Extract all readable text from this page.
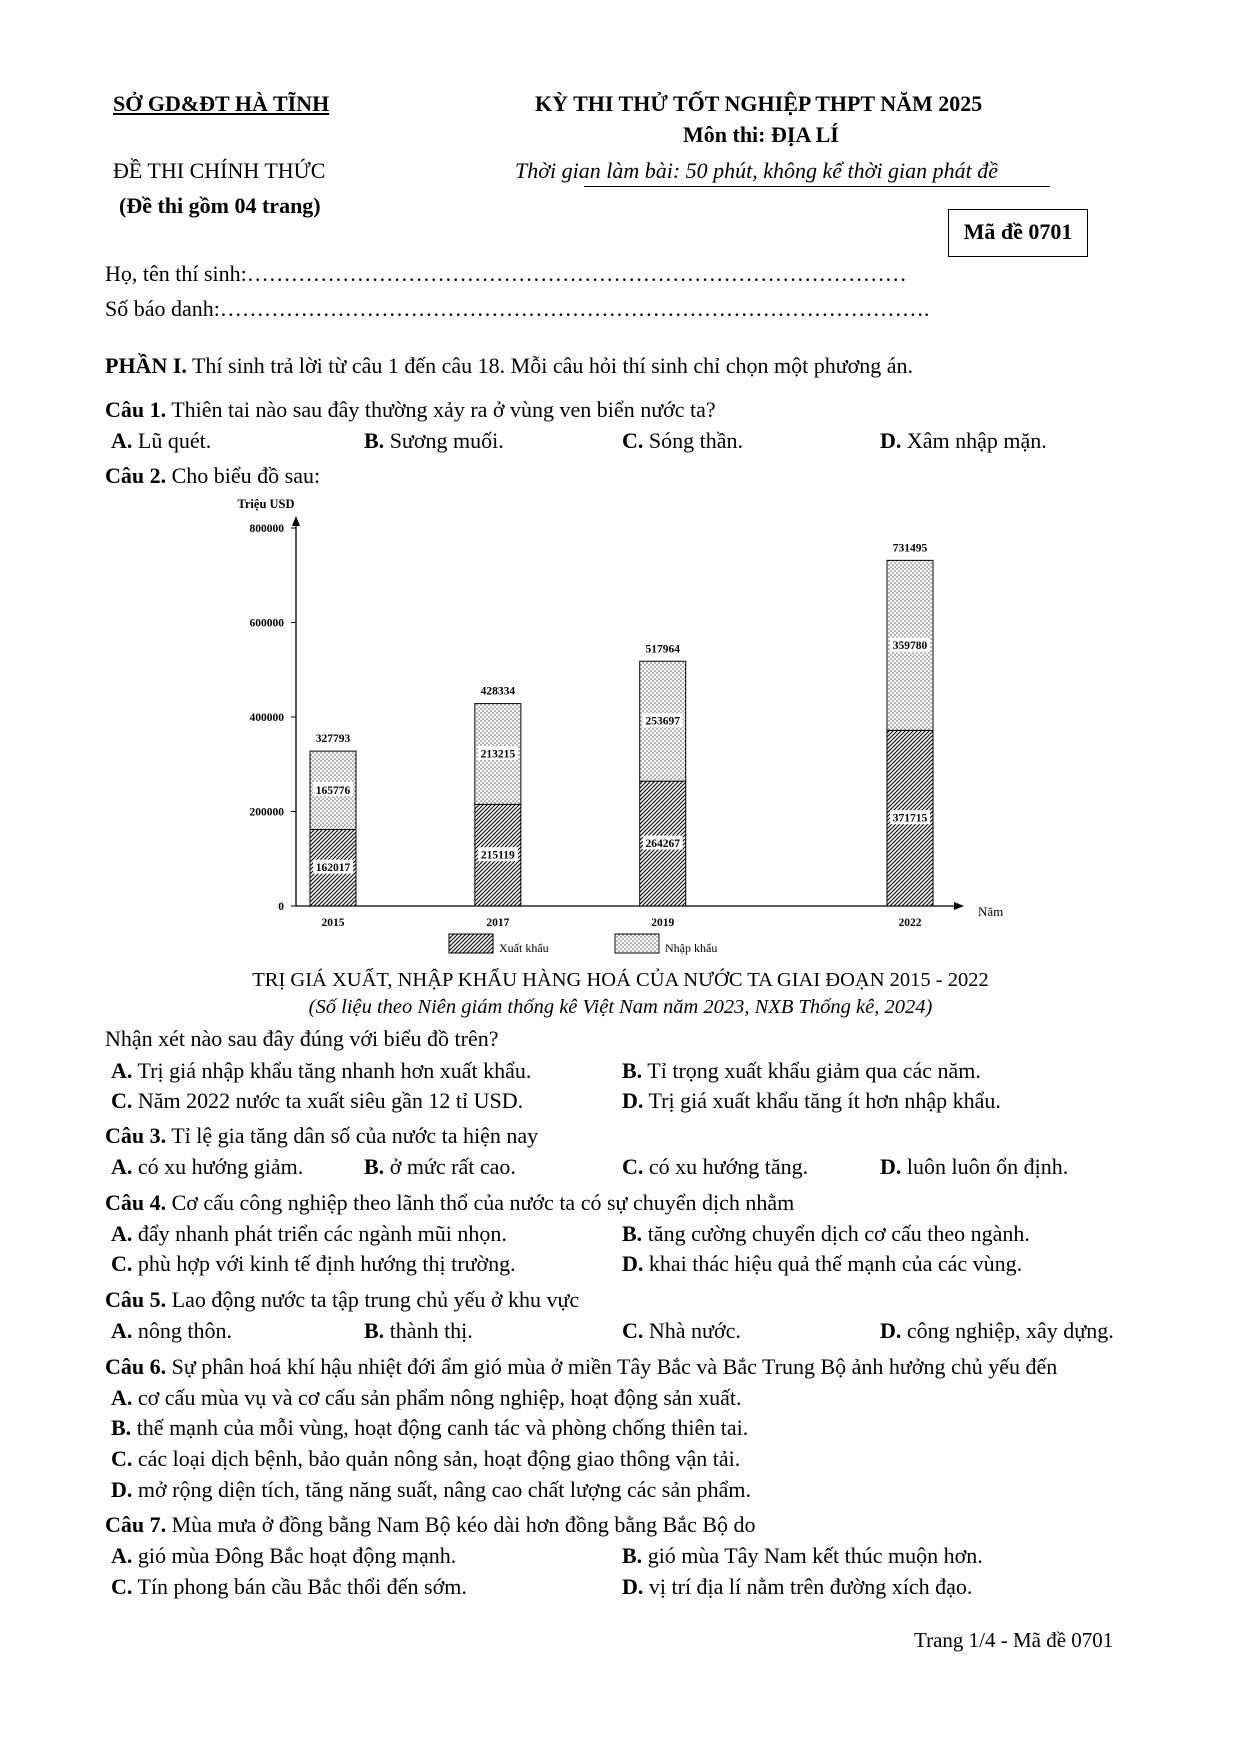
SỞ GD&ĐT HÀ TĨNH	KỲ THI THỬ TỐT NGHIỆP THPT NĂM 2025
Môn thi: ĐỊA LÍ
ĐỀ THI CHÍNH THỨC	Thời gian làm bài: 50 phút, không kể thời gian phát đề
(Đề thi gồm 04 trang)
Mã đề 0701
Họ, tên thí sinh:………………………………………………………………………………
Số báo danh:…………………………………………………………………………………….
PHẦN I. Thí sinh trả lời từ câu 1 đến câu 18. Mỗi câu hỏi thí sinh chỉ chọn một phương án.
Câu 1. Thiên tai nào sau đây thường xảy ra ở vùng ven biển nước ta?
A. Lũ quét.	B. Sương muối.	C. Sóng thần.	D. Xâm nhập mặn.
Câu 2. Cho biểu đồ sau:
0
200000
400000
600000
800000
Triệu USD
Năm
162017
165776
327793
2015
215119
213215
428334
2017
264267
253697
517964
2019
371715
359780
731495
2022
Xuất khẩu	Nhập khẩu
TRỊ GIÁ XUẤT, NHẬP KHẨU HÀNG HOÁ CỦA NƯỚC TA GIAI ĐOẠN 2015 - 2022
(Số liệu theo Niên giám thống kê Việt Nam năm 2023, NXB Thống kê, 2024)
Nhận xét nào sau đây đúng với biểu đồ trên?
A. Trị giá nhập khẩu tăng nhanh hơn xuất khẩu.	B. Tỉ trọng xuất khẩu giảm qua các năm.
C. Năm 2022 nước ta xuất siêu gần 12 tỉ USD.	D. Trị giá xuất khẩu tăng ít hơn nhập khẩu.
Câu 3. Tỉ lệ gia tăng dân số của nước ta hiện nay
A. có xu hướng giảm.	B. ở mức rất cao.	C. có xu hướng tăng.	D. luôn luôn ổn định.
Câu 4. Cơ cấu công nghiệp theo lãnh thổ của nước ta có sự chuyển dịch nhằm
A. đẩy nhanh phát triển các ngành mũi nhọn.	B. tăng cường chuyển dịch cơ cấu theo ngành.
C. phù hợp với kinh tế định hướng thị trường.	D. khai thác hiệu quả thế mạnh của các vùng.
Câu 5. Lao động nước ta tập trung chủ yếu ở khu vực
A. nông thôn.	B. thành thị.	C. Nhà nước.	D. công nghiệp, xây dựng.
Câu 6. Sự phân hoá khí hậu nhiệt đới ẩm gió mùa ở miền Tây Bắc và Bắc Trung Bộ ảnh hưởng chủ yếu đến
A. cơ cấu mùa vụ và cơ cấu sản phẩm nông nghiệp, hoạt động sản xuất.
B. thế mạnh của mỗi vùng, hoạt động canh tác và phòng chống thiên tai.
C. các loại dịch bệnh, bảo quản nông sản, hoạt động giao thông vận tải.
D. mở rộng diện tích, tăng năng suất, nâng cao chất lượng các sản phẩm.
Câu 7. Mùa mưa ở đồng bằng Nam Bộ kéo dài hơn đồng bằng Bắc Bộ do
A. gió mùa Đông Bắc hoạt động mạnh.	B. gió mùa Tây Nam kết thúc muộn hơn.
C. Tín phong bán cầu Bắc thổi đến sớm.	D. vị trí địa lí nằm trên đường xích đạo.
Trang 1/4 - Mã đề 0701
